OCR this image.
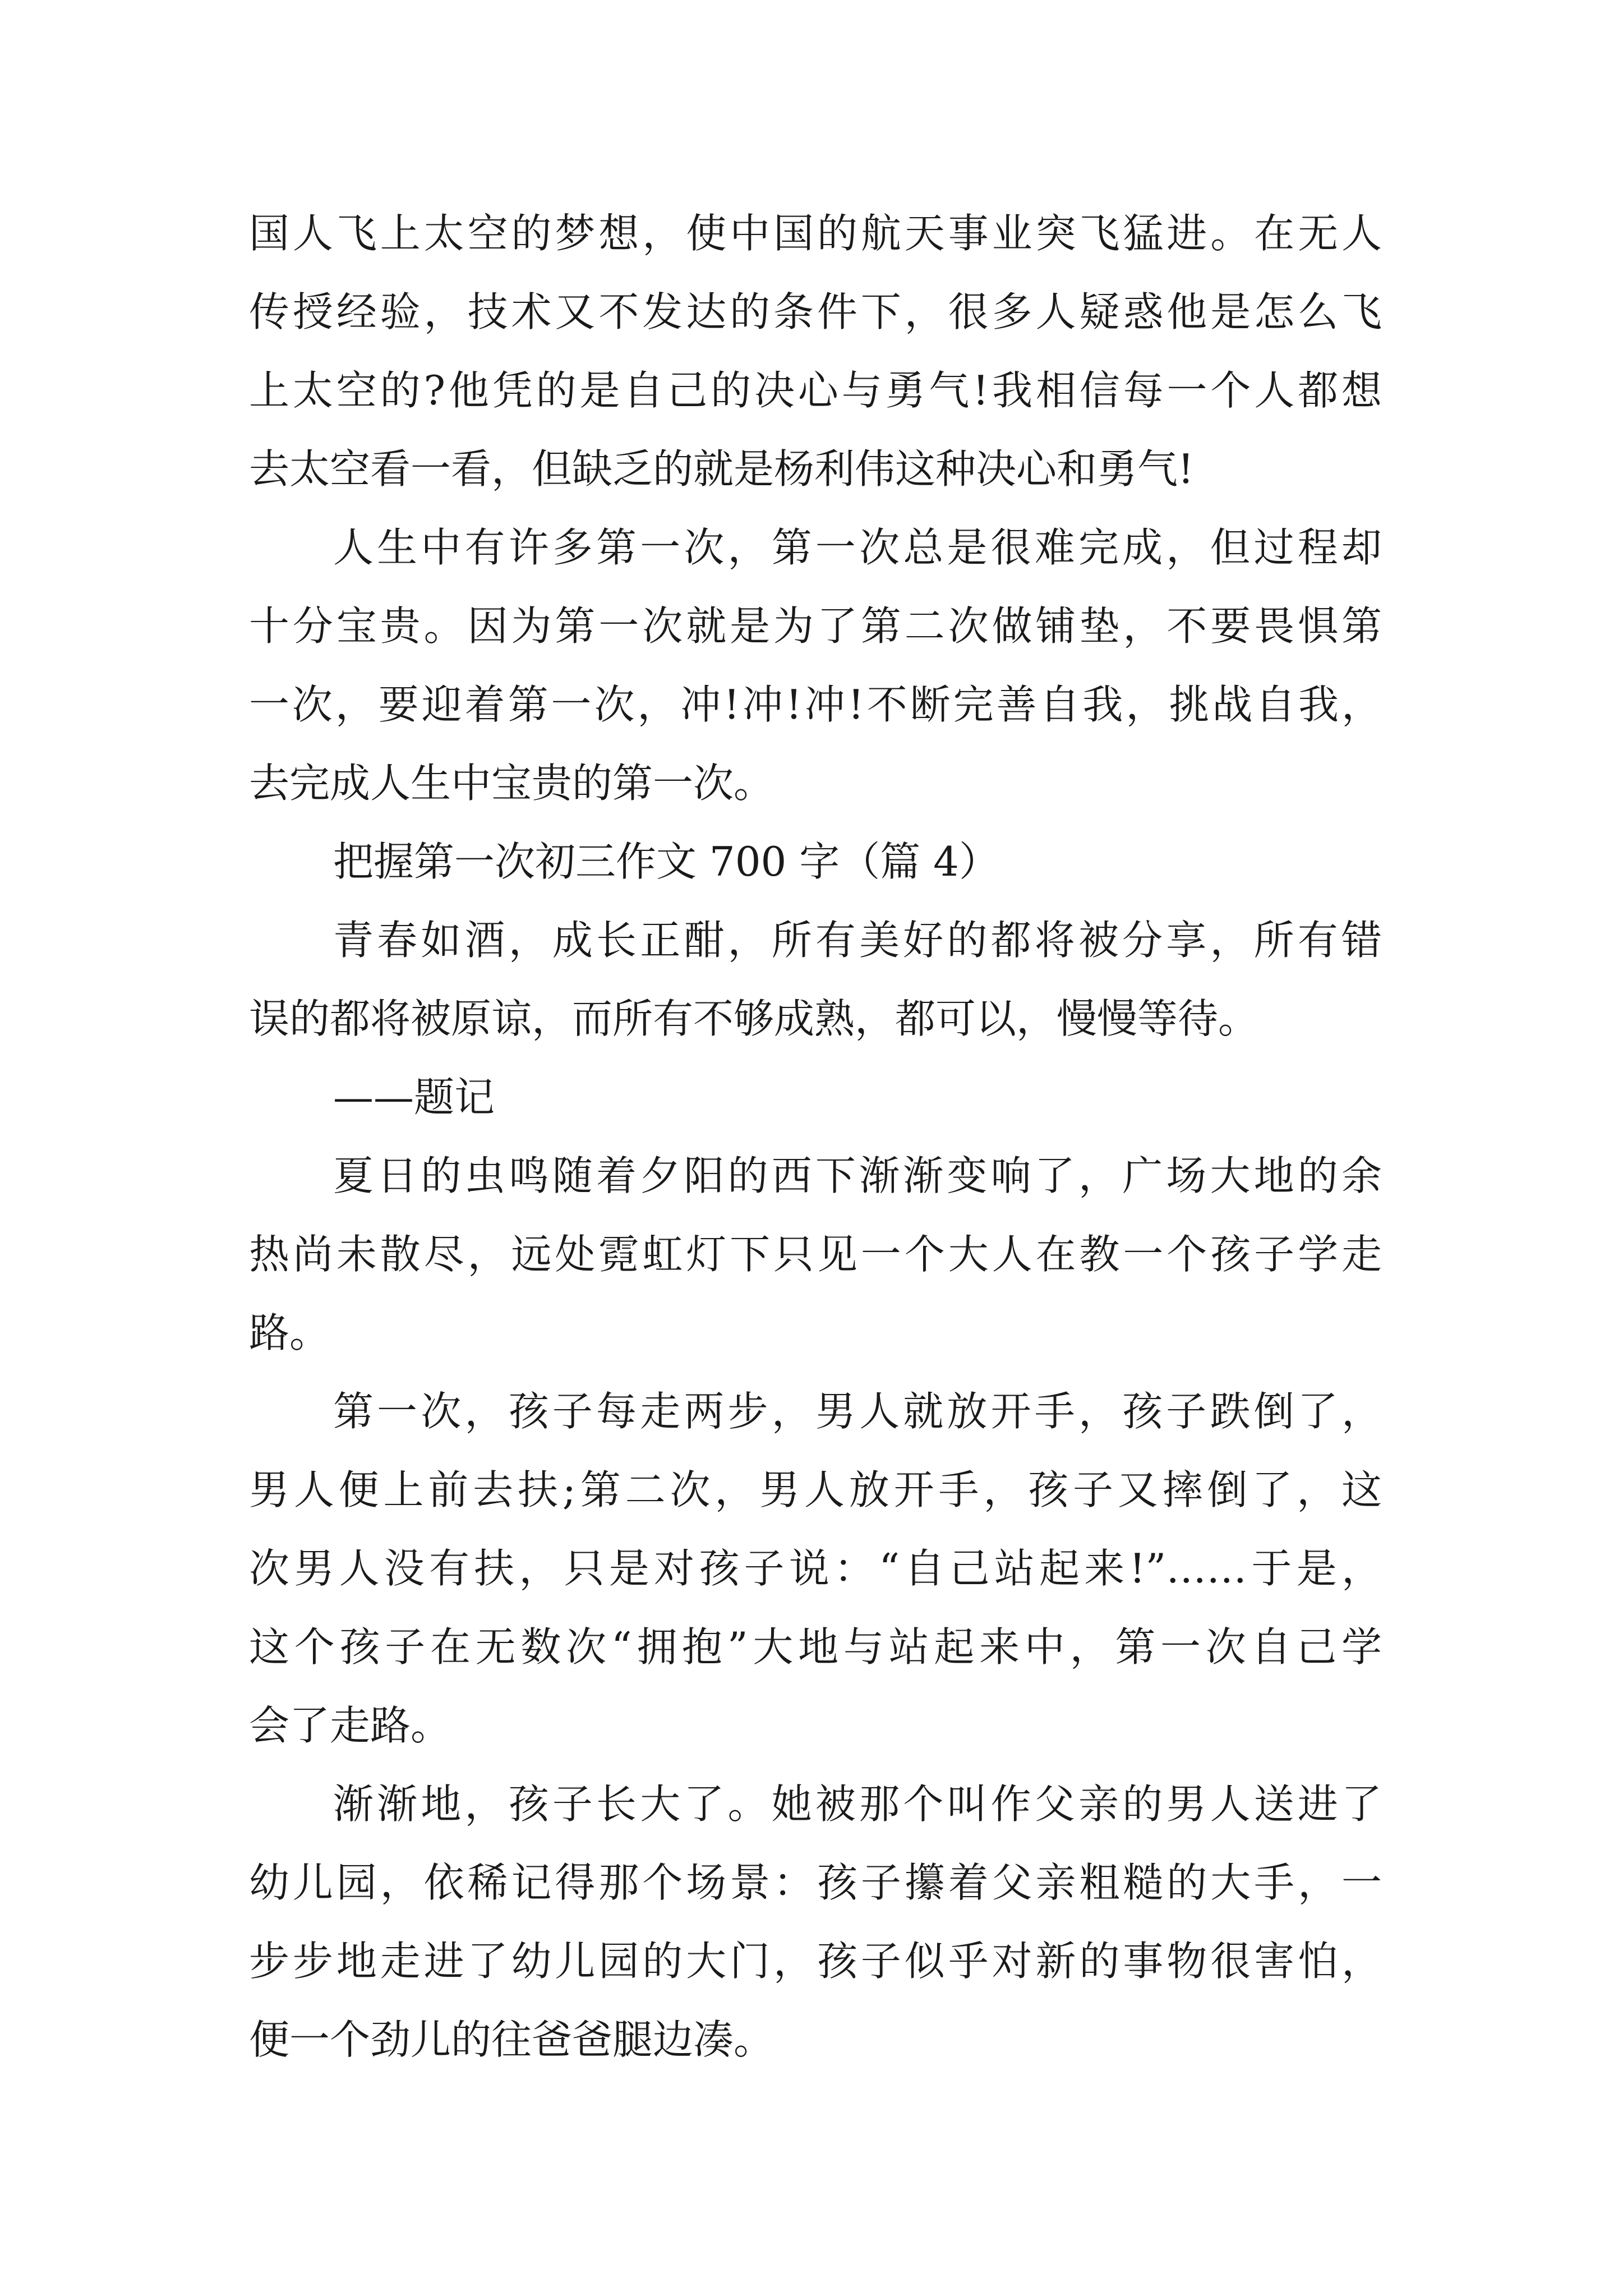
国人飞上太空的梦想，使中国的航天事业突飞猛进。在无人
传授经验，技术又不发达的条件下，很多人疑惑他是怎么飞
上太空的?他凭的是自己的决心与勇气!我相信每一个人都想
去太空看一看，但缺乏的就是杨利伟这种决心和勇气!
人生中有许多第一次，第一次总是很难完成，但过程却
十分宝贵。因为第一次就是为了第二次做铺垫，不要畏惧第
一次，要迎着第一次，冲!冲!冲!不断完善自我，挑战自我，
去完成人生中宝贵的第一次。
把握第一次初三作文 700 字（篇 4）
青春如酒，成长正酣，所有美好的都将被分享，所有错
误的都将被原谅，而所有不够成熟，都可以，慢慢等待。
——题记
夏日的虫鸣随着夕阳的西下渐渐变响了，广场大地的余
热尚未散尽，远处霓虹灯下只见一个大人在教一个孩子学走
路。
第一次，孩子每走两步，男人就放开手，孩子跌倒了，
男人便上前去扶;第二次，男人放开手，孩子又摔倒了，这
次男人没有扶，只是对孩子说：“自己站起来!”……于是，
这个孩子在无数次“拥抱”大地与站起来中，第一次自己学
会了走路。
渐渐地，孩子长大了。她被那个叫作父亲的男人送进了
幼儿园，依稀记得那个场景：孩子攥着父亲粗糙的大手，一
步步地走进了幼儿园的大门，孩子似乎对新的事物很害怕，
便一个劲儿的往爸爸腿边凑。
